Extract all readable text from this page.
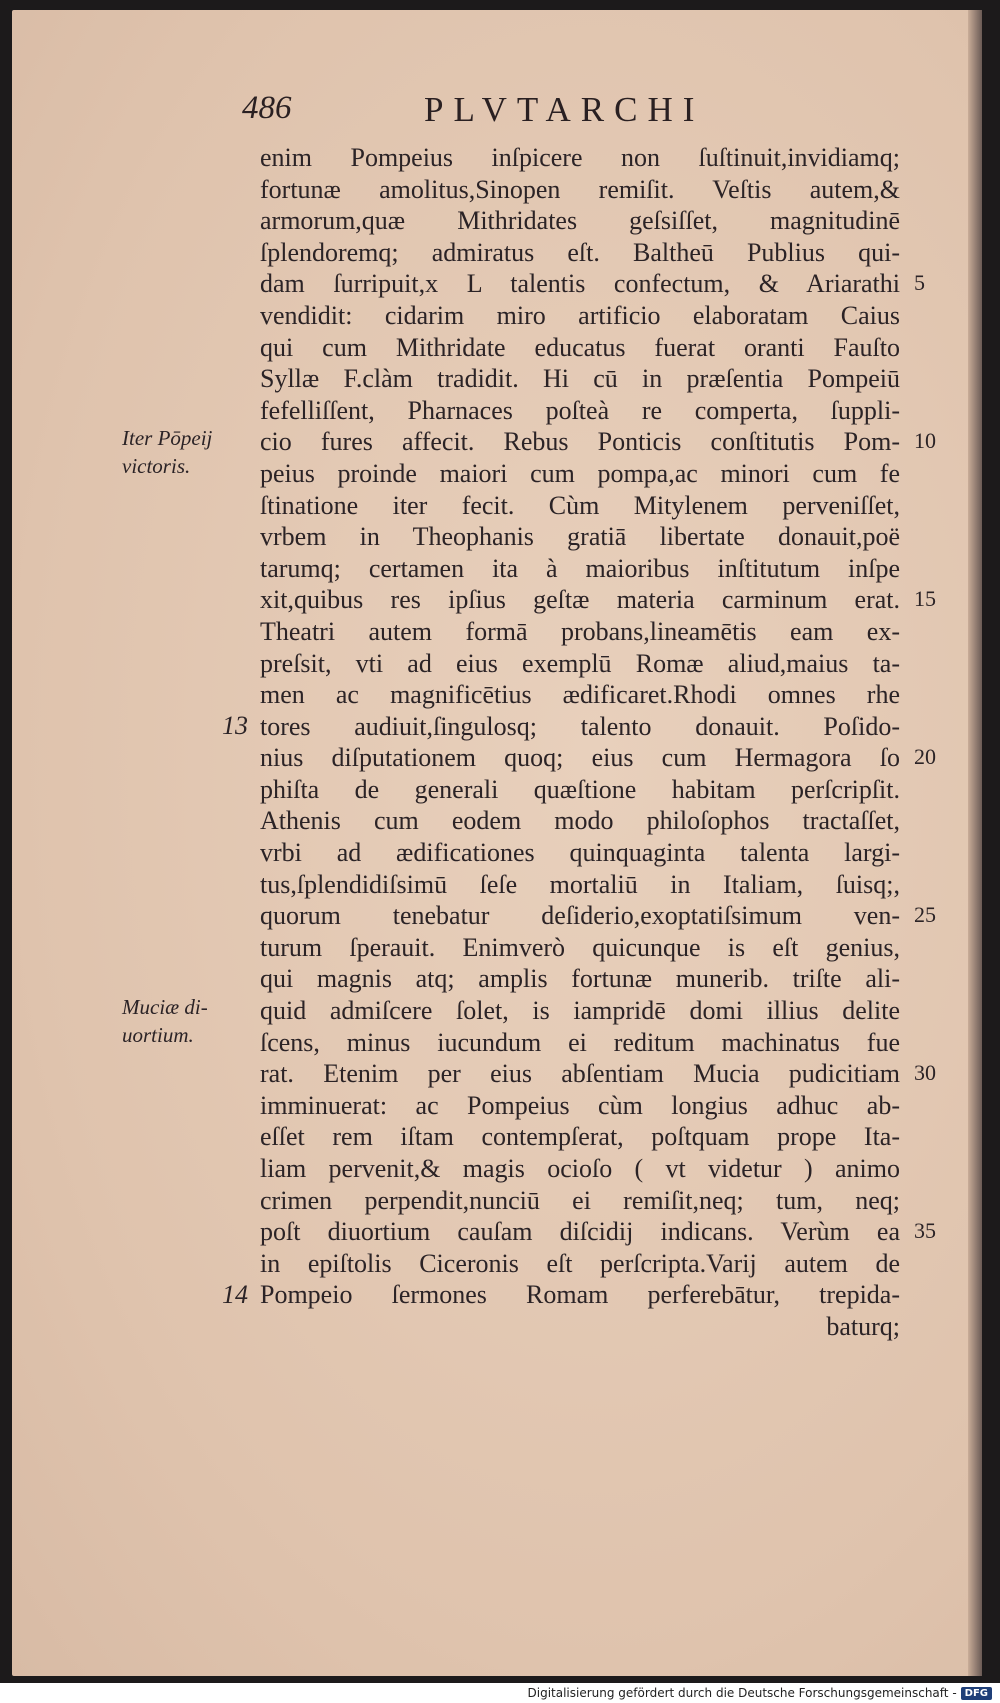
486	PLVTARCHI
enim Pompeius inſpicere non ſuſtinuit,invidiamq;
fortunæ amolitus,Sinopen remiſit. Veſtis autem,&
armorum,quæ Mithridates geſsiſſet, magnitudinē
ſplendoremq; admiratus eſt. Baltheū Publius qui-
dam ſurripuit,x L talentis confectum, & Ariarathi
vendidit: cidarim miro artificio elaboratam Caius
qui cum Mithridate educatus fuerat oranti Fauſto
Syllæ F.clàm tradidit. Hi cū in præſentia Pompeiū
fefelliſſent, Pharnaces poſteà re comperta, ſuppli-
cio fures affecit. Rebus Ponticis conſtitutis Pom-
peius proinde maiori cum pompa,ac minori cum fe
ſtinatione iter fecit. Cùm Mitylenem perveniſſet,
vrbem in Theophanis gratiā libertate donauit,poë
tarumq; certamen ita à maioribus inſtitutum inſpe
xit,quibus res ipſius geſtæ materia carminum erat.
Theatri autem formā probans,lineamētis eam ex-
preſsit, vti ad eius exemplū Romæ aliud,maius ta-
men ac magnificētius ædificaret.Rhodi omnes rhe
tores audiuit,ſingulosq; talento donauit. Poſido-
nius diſputationem quoq; eius cum Hermagora ſo
phiſta de generali quæſtione habitam perſcripſit.
Athenis cum eodem modo philoſophos tractaſſet,
vrbi ad ædificationes quinquaginta talenta largi-
tus,ſplendidiſsimū ſeſe mortaliū in Italiam, ſuisq;,
quorum tenebatur deſiderio,exoptatiſsimum ven-
turum ſperauit. Enimverò quicunque is eſt genius,
qui magnis atq; amplis fortunæ munerib. triſte ali-
quid admiſcere ſolet, is iampridē domi illius delite
ſcens, minus iucundum ei reditum machinatus fue
rat. Etenim per eius abſentiam Mucia pudicitiam
imminuerat: ac Pompeius cùm longius adhuc ab-
eſſet rem iſtam contempſerat, poſtquam prope Ita-
liam pervenit,& magis ocioſo ( vt videtur ) animo
crimen perpendit,nunciū ei remiſit,neq; tum, neq;
poſt diuortium cauſam diſcidij indicans. Verùm ea
in epiſtolis Ciceronis eſt perſcripta.Varij autem de
Pompeio ſermones Romam perferebātur, trepida-
baturq;
Iter Pōpeij
victoris.
Muciæ di-
uortium.
13
14
5
10
15
20
25
30
35
Digitalisierung gefördert durch die Deutsche Forschungsgemeinschaft - DFG
